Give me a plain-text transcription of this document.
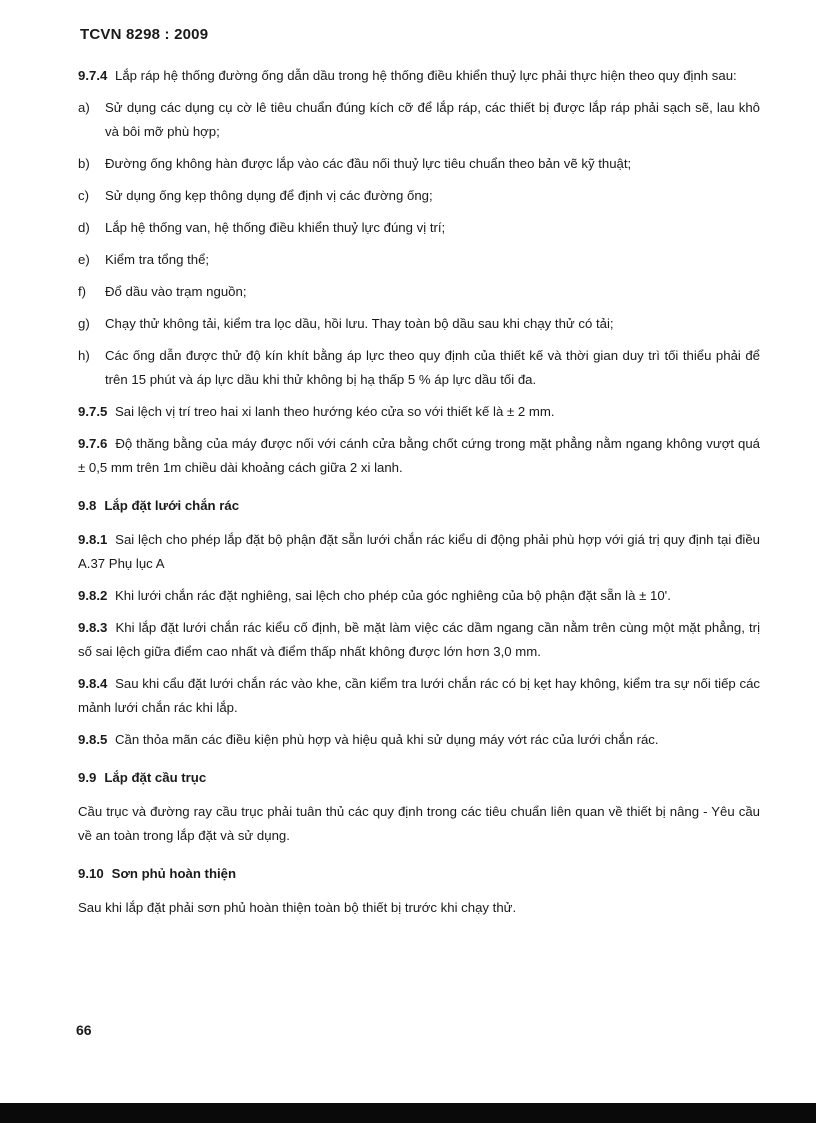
TCVN 8298 : 2009

9.7.4 Lắp ráp hệ thống đường ống dẫn dầu trong hệ thống điều khiển thuỷ lực phải thực hiện theo quy định sau:

a) Sử dụng các dụng cụ cờ lê tiêu chuẩn đúng kích cỡ để lắp ráp, các thiết bị được lắp ráp phải sạch sẽ, lau khô và bôi mỡ phù hợp;
b) Đường ống không hàn được lắp vào các đầu nối thuỷ lực tiêu chuẩn theo bản vẽ kỹ thuật;
c) Sử dụng ống kẹp thông dụng để định vị các đường ống;
d) Lắp hệ thống van, hệ thống điều khiển thuỷ lực đúng vị trí;
e) Kiểm tra tổng thể;
f) Đổ dầu vào trạm nguồn;
g) Chạy thử không tải, kiểm tra lọc dầu, hồi lưu. Thay toàn bộ dầu sau khi chạy thử có tải;
h) Các ống dẫn được thử độ kín khít bằng áp lực theo quy định của thiết kế và thời gian duy trì tối thiểu phải để trên 15 phút và áp lực dầu khi thử không bị hạ thấp 5 % áp lực dầu tối đa.

9.7.5 Sai lệch vị trí treo hai xi lanh theo hướng kéo cửa so với thiết kế là ± 2 mm.

9.7.6 Độ thăng bằng của máy được nối với cánh cửa bằng chốt cứng trong mặt phẳng nằm ngang không vượt quá ± 0,5 mm trên 1m chiều dài khoảng cách giữa 2 xi lanh.

9.8 Lắp đặt lưới chắn rác

9.8.1 Sai lệch cho phép lắp đặt bộ phận đặt sẵn lưới chắn rác kiểu di động phải phù hợp với giá trị quy định tại điều A.37 Phụ lục A

9.8.2 Khi lưới chắn rác đặt nghiêng, sai lệch cho phép của góc nghiêng của bộ phận đặt sẵn là ± 10'.

9.8.3 Khi lắp đặt lưới chắn rác kiểu cố định, bề mặt làm việc các dầm ngang cần nằm trên cùng một mặt phẳng, trị số sai lệch giữa điểm cao nhất và điểm thấp nhất không được lớn hơn 3,0 mm.

9.8.4 Sau khi cẩu đặt lưới chắn rác vào khe, cần kiểm tra lưới chắn rác có bị kẹt hay không, kiểm tra sự nối tiếp các mảnh lưới chắn rác khi lắp.

9.8.5 Cần thỏa mãn các điều kiện phù hợp và hiệu quả khi sử dụng máy vớt rác của lưới chắn rác.

9.9 Lắp đặt cầu trục

Cầu trục và đường ray cầu trục phải tuân thủ các quy định trong các tiêu chuẩn liên quan về thiết bị nâng - Yêu cầu về an toàn trong lắp đặt và sử dụng.

9.10 Sơn phủ hoàn thiện

Sau khi lắp đặt phải sơn phủ hoàn thiện toàn bộ thiết bị trước khi chạy thử.

66
